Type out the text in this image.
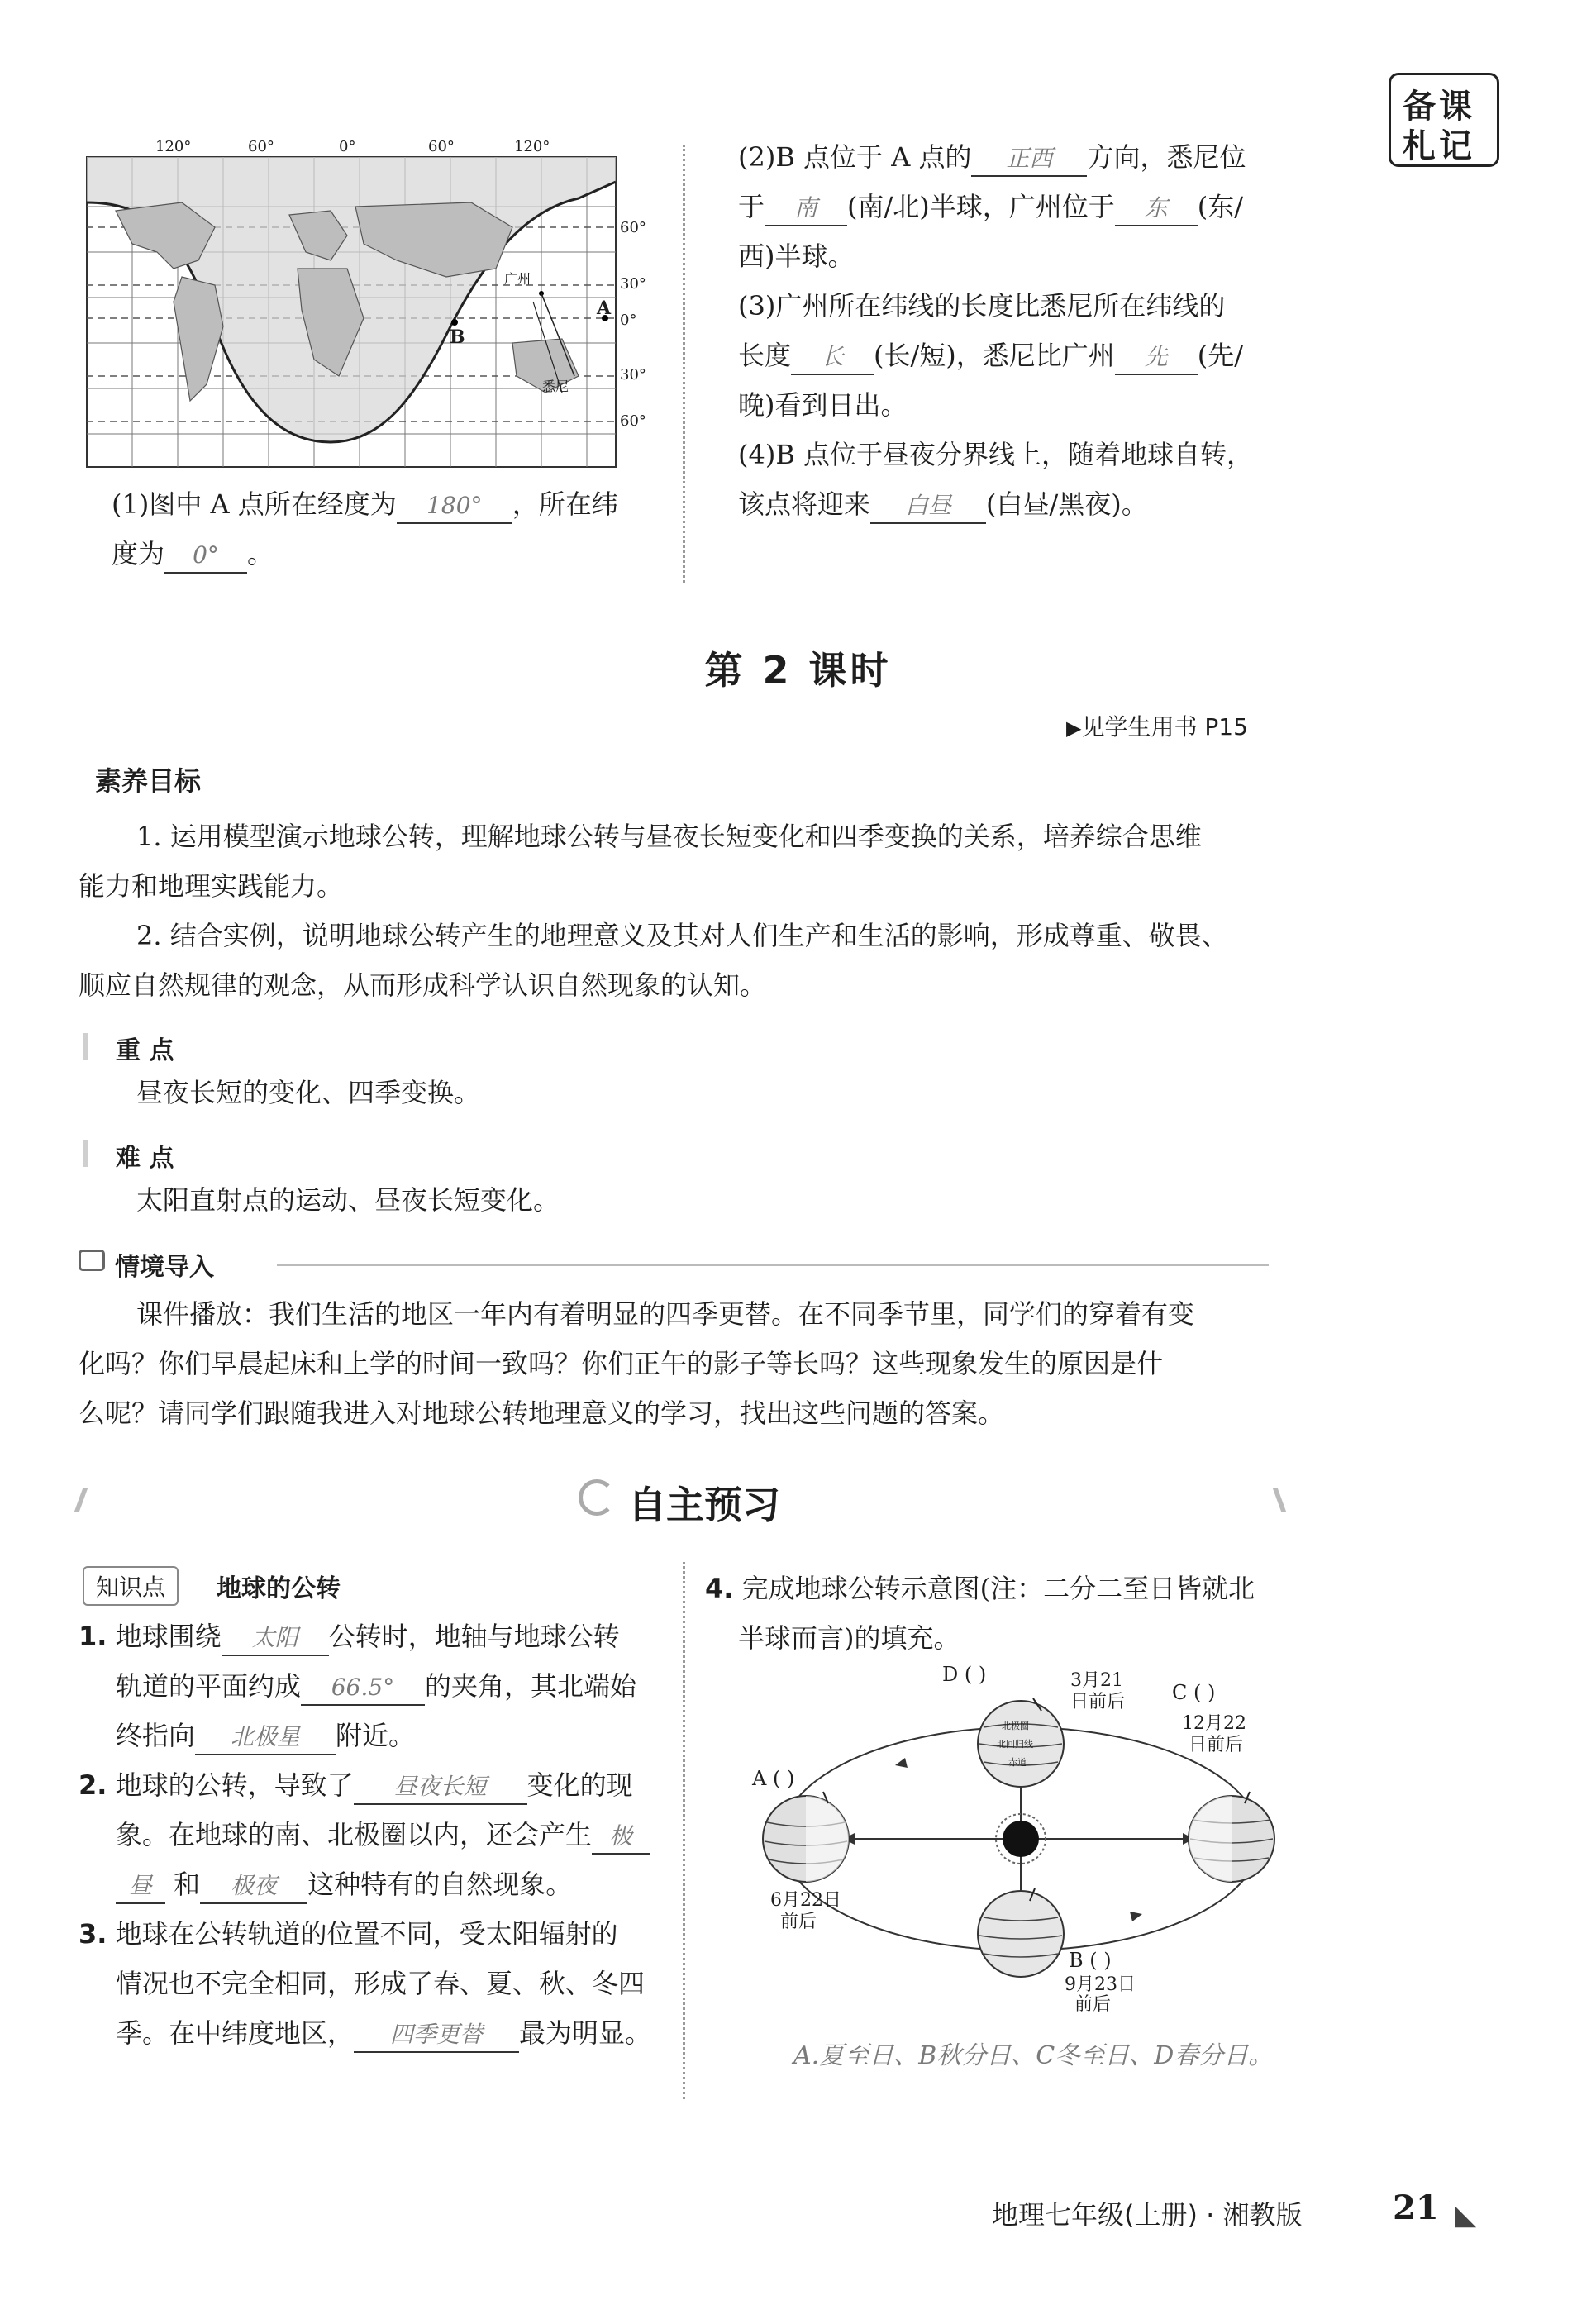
备课
札记
120°	60°	0°	60°	120°
60°
30°
0°
30°
60°
A
B
广州
悉尼
(1)图中 A 点所在经度为 180° ，所在纬
度为 0° 。
(2)B 点位于 A 点的 正西 方向，悉尼位
于 南 (南/北)半球，广州位于 东 (东/
西)半球。
(3)广州所在纬线的长度比悉尼所在纬线的
长度 长 (长/短)，悉尼比广州 先 (先/
晚)看到日出。
(4)B 点位于昼夜分界线上，随着地球自转，
该点将迎来 白昼 (白昼/黑夜)。
第 2 课时
▶见学生用书 P15
素养目标
1. 运用模型演示地球公转，理解地球公转与昼夜长短变化和四季变换的关系，培养综合思维
能力和地理实践能力。
2. 结合实例，说明地球公转产生的地理意义及其对人们生产和生活的影响，形成尊重、敬畏、
顺应自然规律的观念，从而形成科学认识自然现象的认知。
重 点
昼夜长短的变化、四季变换。
难 点
太阳直射点的运动、昼夜长短变化。
情境导入
课件播放：我们生活的地区一年内有着明显的四季更替。在不同季节里，同学们的穿着有变
化吗？你们早晨起床和上学的时间一致吗？你们正午的影子等长吗？这些现象发生的原因是什
么呢？请同学们跟随我进入对地球公转地理意义的学习，找出这些问题的答案。
自主预习
知识点	地球的公转
1. 地球围绕 太阳 公转时，地轴与地球公转
轨道的平面约成 66.5° 的夹角，其北端始
终指向 北极星 附近。
2. 地球的公转，导致了 昼夜长短 变化的现
象。在地球的南、北极圈以内，还会产生 极
昼 和 极夜 这种特有的自然现象。
3. 地球在公转轨道的位置不同，受太阳辐射的
情况也不完全相同，形成了春、夏、秋、冬四
季。在中纬度地区， 四季更替 最为明显。
4. 完成地球公转示意图(注：二分二至日皆就北
半球而言)的填充。
D ( )	3月21
日前后 C ( )
12月22
日前后
A ( )
6月22日
前后
B ( )
9月23日
前后
北极圈
北回归线
赤道
A.夏至日、B秋分日、C冬至日、D春分日。
地理七年级(上册) · 湘教版	21 ◣
